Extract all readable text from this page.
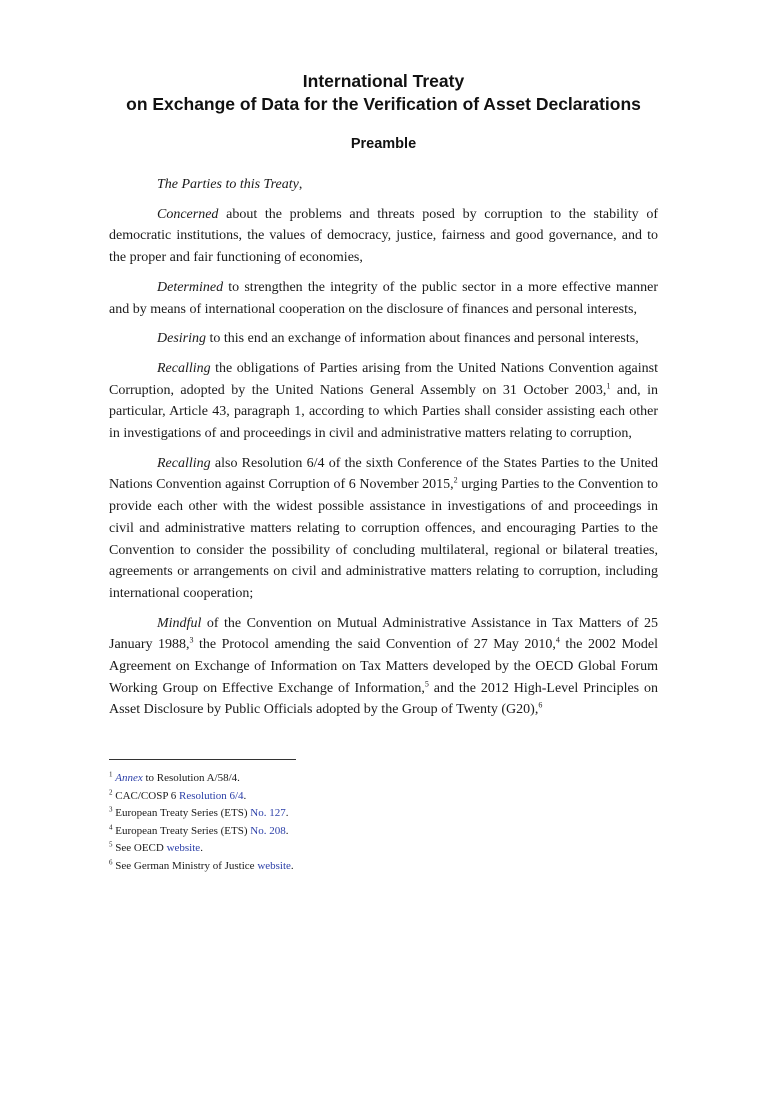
International Treaty
on Exchange of Data for the Verification of Asset Declarations
Preamble

The Parties to this Treaty,

Concerned about the problems and threats posed by corruption to the stability of democratic institutions, the values of democracy, justice, fairness and good governance, and to the proper and fair functioning of economies,

Determined to strengthen the integrity of the public sector in a more effective manner and by means of international cooperation on the disclosure of finances and personal interests,

Desiring to this end an exchange of information about finances and personal interests,

Recalling the obligations of Parties arising from the United Nations Convention against Corruption, adopted by the United Nations General Assembly on 31 October 2003,$^1$ and, in particular, Article 43, paragraph 1, according to which Parties shall consider assisting each other in investigations of and proceedings in civil and administrative matters relating to corruption,

Recalling also Resolution 6/4 of the sixth Conference of the States Parties to the United Nations Convention against Corruption of 6 November 2015,$^2$ urging Parties to the Convention to provide each other with the widest possible assistance in investigations of and proceedings in civil and administrative matters relating to corruption offences, and encouraging Parties to the Convention to consider the possibility of concluding multilateral, regional or bilateral treaties, agreements or arrangements on civil and administrative matters relating to corruption, including international cooperation;

Mindful of the Convention on Mutual Administrative Assistance in Tax Matters of 25 January 1988,$^3$ the Protocol amending the said Convention of 27 May 2010,$^4$ the 2002 Model Agreement on Exchange of Information on Tax Matters developed by the OECD Global Forum Working Group on Effective Exchange of Information,$^5$ and the 2012 High-Level Principles on Asset Disclosure by Public Officials adopted by the Group of Twenty (G20),$^6$

$^1$ Annex to Resolution A/58/4.

$^2$ CAC/COSP 6 Resolution 6/4.

$^3$ European Treaty Series (ETS) No. 127.

$^4$ European Treaty Series (ETS) No. 208.

$^5$ See OECD website.

$^6$ See German Ministry of Justice website.
